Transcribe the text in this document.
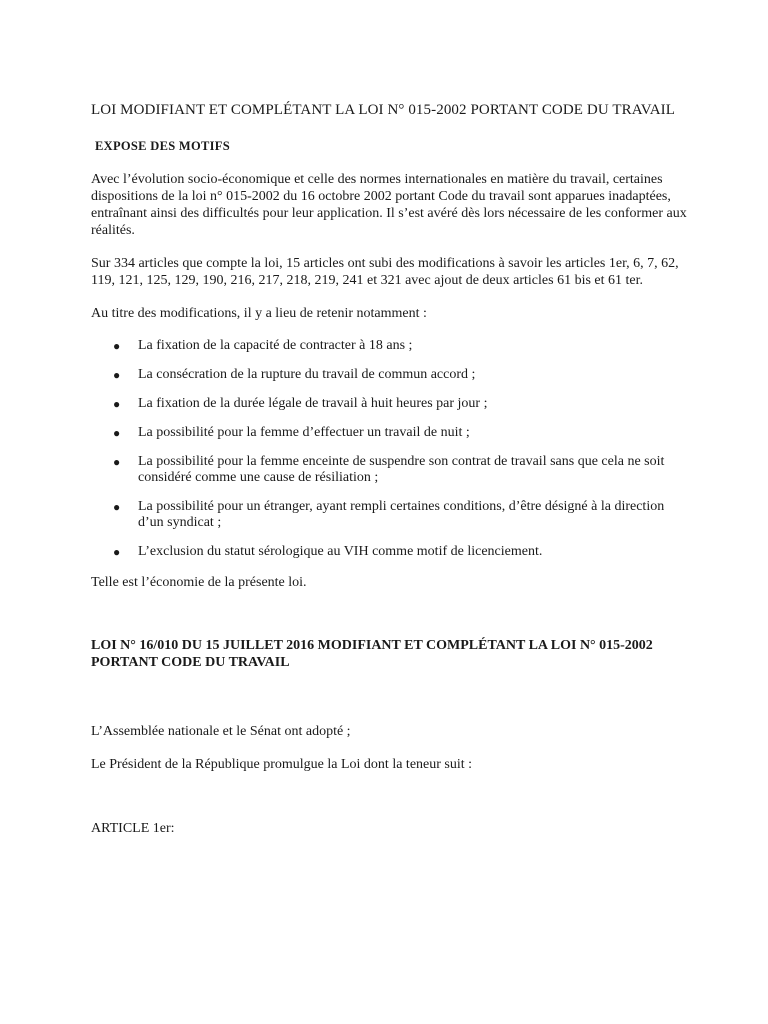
LOI MODIFIANT ET COMPLÉTANT LA LOI N° 015-2002 PORTANT CODE DU TRAVAIL
EXPOSE DES MOTIFS

Avec l’évolution socio-économique et celle des normes internationales en matière du travail, certaines dispositions de la loi n° 015-2002 du 16 octobre 2002 portant Code du travail sont apparues inadaptées, entraînant ainsi des difficultés pour leur application. Il s’est avéré dès lors nécessaire de les conformer aux réalités.

Sur 334 articles que compte la loi, 15 articles ont subi des modifications à savoir les articles 1er, 6, 7, 62, 119, 121, 125, 129, 190, 216, 217, 218, 219, 241 et 321 avec ajout de deux articles 61 bis et 61 ter.

Au titre des modifications, il y a lieu de retenir notamment :

● La fixation de la capacité de contracter à 18 ans ;
● La consécration de la rupture du travail de commun accord ;
● La fixation de la durée légale de travail à huit heures par jour ;
● La possibilité pour la femme d’effectuer un travail de nuit ;
● La possibilité pour la femme enceinte de suspendre son contrat de travail sans que cela ne soit considéré comme une cause de résiliation ;
● La possibilité pour un étranger, ayant rempli certaines conditions, d’être désigné à la direction d’un syndicat ;
● L’exclusion du statut sérologique au VIH comme motif de licenciement.

Telle est l’économie de la présente loi.

LOI N° 16/010 DU 15 JUILLET 2016 MODIFIANT ET COMPLÉTANT LA LOI N° 015-2002 PORTANT CODE DU TRAVAIL

L’Assemblée nationale et le Sénat ont adopté ;

Le Président de la République promulgue la Loi dont la teneur suit :

ARTICLE 1er:
